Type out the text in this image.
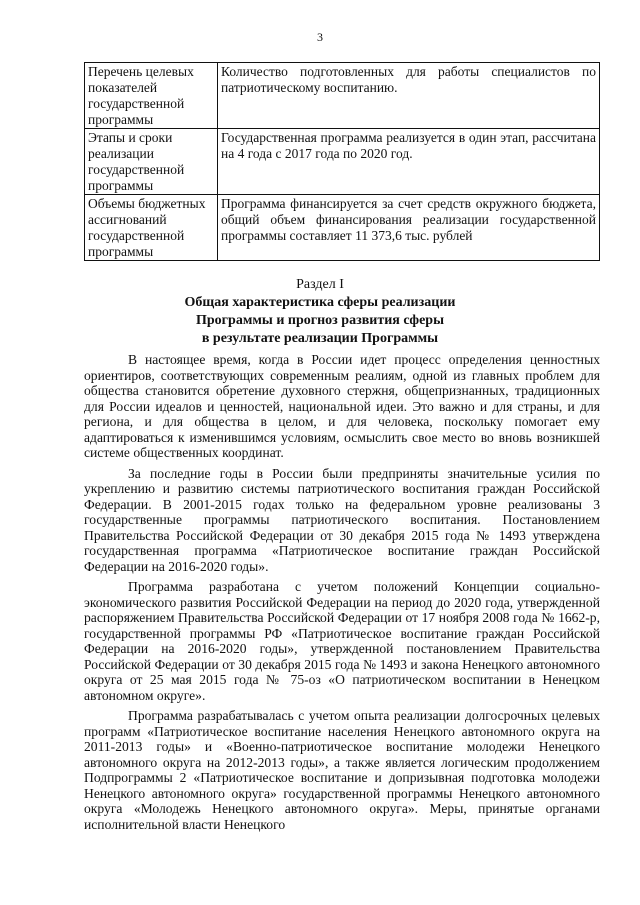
3
Перечень целевых показателей государственной программы	Количество подготовленных для работы специалистов по патриотическому воспитанию.
Этапы и сроки реализации государственной программы	Государственная программа реализуется в один этап, рассчитана на 4 года с 2017 года по 2020 год.
Объемы бюджетных ассигнований государственной программы	Программа финансируется за счет средств окружного бюджета, общий объем финансирования реализации государственной программы составляет 11 373,6 тыс. рублей
Раздел I
Общая характеристика сферы реализации
Программы и прогноз развития сферы
в результате реализации Программы

В настоящее время, когда в России идет процесс определения ценностных ориентиров, соответствующих современным реалиям, одной из главных проблем для общества становится обретение духовного стержня, общепризнанных, традиционных для России идеалов и ценностей, национальной идеи. Это важно и для страны, и для региона, и для общества в целом, и для человека, поскольку помогает ему адаптироваться к изменившимся условиям, осмыслить свое место во вновь возникшей системе общественных координат.

За последние годы в России были предприняты значительные усилия по укреплению и развитию системы патриотического воспитания граждан Российской Федерации. В 2001-2015 годах только на федеральном уровне реализованы 3 государственные программы патриотического воспитания. Постановлением Правительства Российской Федерации от 30 декабря 2015 года № 1493 утверждена государственная программа «Патриотическое воспитание граждан Российской Федерации на 2016-2020 годы».

Программа разработана с учетом положений Концепции социально-экономического развития Российской Федерации на период до 2020 года, утвержденной распоряжением Правительства Российской Федерации от 17 ноября 2008 года № 1662-р, государственной программы РФ «Патриотическое воспитание граждан Российской Федерации на 2016-2020 годы», утвержденной постановлением Правительства Российской Федерации от 30 декабря 2015 года № 1493 и закона Ненецкого автономного округа от 25 мая 2015 года № 75-оз «О патриотическом воспитании в Ненецком автономном округе».

Программа разрабатывалась с учетом опыта реализации долгосрочных целевых программ «Патриотическое воспитание населения Ненецкого автономного округа на 2011-2013 годы» и «Военно-патриотическое воспитание молодежи Ненецкого автономного округа на 2012-2013 годы», а также является логическим продолжением Подпрограммы 2 «Патриотическое воспитание и допризывная подготовка молодежи Ненецкого автономного округа» государственной программы Ненецкого автономного округа «Молодежь Ненецкого автономного округа». Меры, принятые органами исполнительной власти Ненецкого
